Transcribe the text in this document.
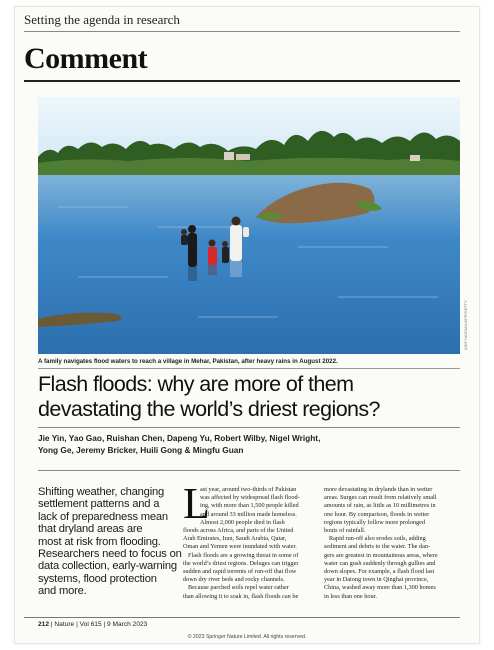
Setting the agenda in research
Comment
ASIF HASSAN/AFP/GETTY
A family navigates flood waters to reach a village in Mehar, Pakistan, after heavy rains in August 2022.
Flash floods: why are more of them
devastating the world’s driest regions?
Jie Yin, Yao Gao, Ruishan Chen, Dapeng Yu, Robert Wilby, Nigel Wright,
Yong Ge, Jeremy Bricker, Huili Gong & Mingfu Guan
Shifting weather, changing
settlement patterns and a
lack of preparedness mean
that dryland areas are
most at risk from flooding.
Researchers need to focus on
data collection, early-warning
systems, flood protection
and more.
L
ast year, around two-thirds of Pakistan
was affected by widespread flash flood-
ing, with more than 1,500 people killed
and around 33 million made homeless.
Almost 2,000 people died in flash
floods across Africa, and parts of the United
Arab Emirates, Iran, Saudi Arabia, Qatar,
Oman and Yemen were inundated with water.
Flash floods are a growing threat in some of
the world’s driest regions. Deluges can trigger
sudden and rapid torrents of run-off that flow
down dry river beds and rocky channels.
Because parched soils repel water rather
than allowing it to soak in, flash floods can be
more devastating in drylands than in wetter
areas. Surges can result from relatively small
amounts of rain, as little as 10 millimetres in
one hour. By comparison, floods in wetter
regions typically follow more prolonged
bouts of rainfall.
Rapid run-off also erodes soils, adding
sediment and debris to the water. The dan-
gers are greatest in mountainous areas, where
water can gush suddenly through gullies and
down slopes. For example, a flash flood last
year in Datong town in Qinghai province,
China, washed away more than 1,300 homes
in less than one hour.
212 | Nature | Vol 615 | 9 March 2023
© 2023 Springer Nature Limited. All rights reserved.
